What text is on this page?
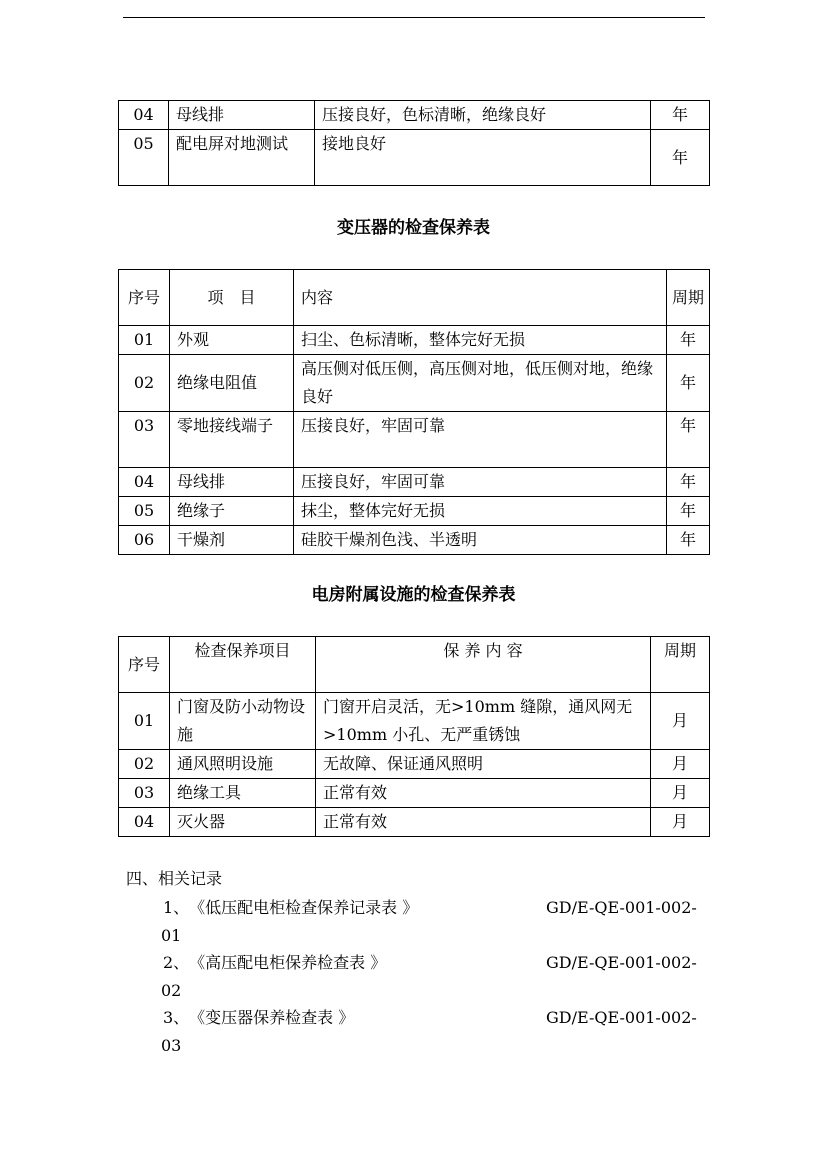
04	母线排	压接良好，色标清晰，绝缘良好	年
05	配电屏对地测试	接地良好	年
变压器的检查保养表
序号	项　目	内容	周期
01	外观	扫尘、色标清晰，整体完好无损	年
02	绝缘电阻值	高压侧对低压侧，高压侧对地，低压侧对地，绝缘良好	年
03	零地接线端子	压接良好，牢固可靠	年
04	母线排	压接良好，牢固可靠	年
05	绝缘子	抹尘，整体完好无损	年
06	干燥剂	硅胶干燥剂色浅、半透明	年
电房附属设施的检查保养表
序号	检查保养项目	保 养 内 容	周期
01	门窗及防小动物设施	门窗开启灵活，无>10mm 缝隙，通风网无>10mm 小孔、无严重锈蚀	月
02	通风照明设施	无故障、保证通风照明	月
03	绝缘工具	正常有效	月
04	灭火器	正常有效	月
四、相关记录
1、　《低压配电柜检查保养记录表 》	GD/E-QE-001-002-
01
2、　《高压配电柜保养检查表 》	GD/E-QE-001-002-
02
3、　《变压器保养检查表 》	GD/E-QE-001-002-
03
